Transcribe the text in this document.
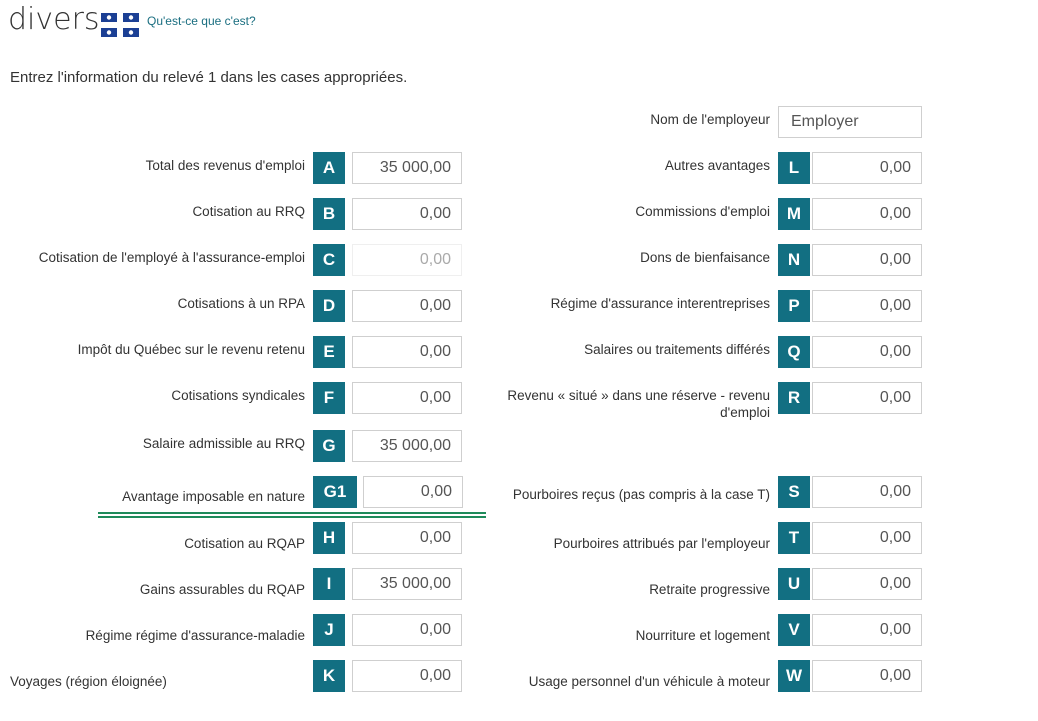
divers	Qu'est-ce que c'est?
Entrez l'information du relevé 1 dans les cases appropriées.
Nom de l'employeur
Employer
Total des revenus d'emploi	A
35 000,00
Cotisation au RRQ	B
0,00
Cotisation de l'employé à l'assurance-emploi	C
0,00
Cotisations à un RPA	D
0,00
Impôt du Québec sur le revenu retenu	E
0,00
Cotisations syndicales	F
0,00
Salaire admissible au RRQ	G
35 000,00
Avantage imposable en nature	G1
0,00
Cotisation au RQAP	H
0,00
Gains assurables du RQAP	I
35 000,00
Régime régime d'assurance-maladie	J
0,00
Voyages (région éloignée)	K
0,00
Autres avantages	L
0,00
Commissions d'emploi M
0,00
Dons de bienfaisance	N
0,00
Régime d'assurance interentreprises	P
0,00
Salaires ou traitements différés	Q
0,00
Revenu « situé » dans une réserve - revenu d'emploi
R
0,00
Pourboires reçus (pas compris à la case T)	S
0,00
Pourboires attribués par l'employeur	T
0,00
Retraite progressive	U
0,00
Nourriture et logement	V
0,00
Usage personnel d'un véhicule à moteur W
0,00
